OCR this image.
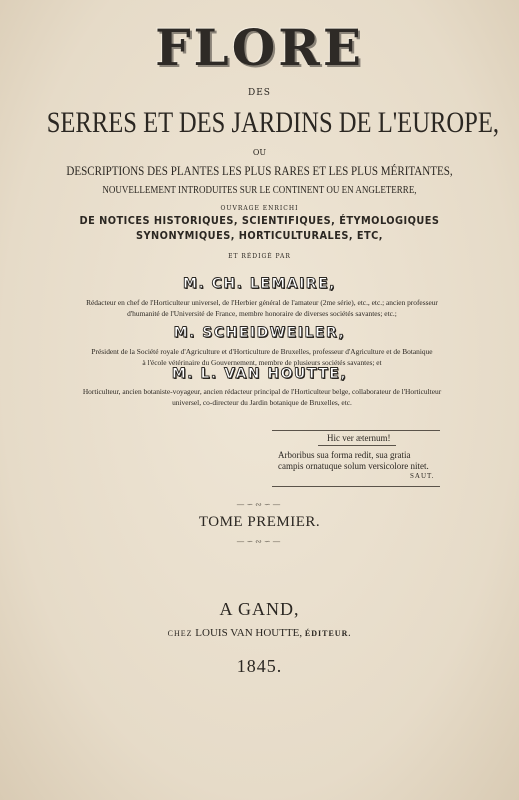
FLORE
DES
SERRES ET DES JARDINS DE L'EUROPE,
OU
DESCRIPTIONS DES PLANTES LES PLUS RARES ET LES PLUS MÉRITANTES,
NOUVELLEMENT INTRODUITES SUR LE CONTINENT OU EN ANGLETERRE,
OUVRAGE ENRICHI
DE NOTICES HISTORIQUES, SCIENTIFIQUES, ÉTYMOLOGIQUES
SYNONYMIQUES, HORTICULTURALES, ETC,
ET RÉDIGÉ PAR
M. CH. LEMAIRE,
Rédacteur en chef de l'Horticulteur universel, de l'Herbier général de l'amateur (2me série), etc., etc.; ancien professeur
d'humanité de l'Université de France, membre honoraire de diverses sociétés savantes; etc.;
M. SCHEIDWEILER,
Président de la Société royale d'Agriculture et d'Horticulture de Bruxelles, professeur d'Agriculture et de Botanique
à l'école vétérinaire du Gouvernement, membre de plusieurs sociétés savantes; et
M. L. VAN HOUTTE,
Horticulteur, ancien botaniste-voyageur, ancien rédacteur principal de l'Horticulteur belge, collaborateur de l'Horticulteur
universel, co-directeur du Jardin botanique de Bruxelles, etc.
Hic ver æternum!
Arboribus sua forma redit, sua gratia
campis ornatuque solum versicolore nitet.
SAUT.
—∽∾∽—
TOME PREMIER.
—∽∾∽—
A GAND,
CHEZ LOUIS VAN HOUTTE, ÉDITEUR.
1845.
